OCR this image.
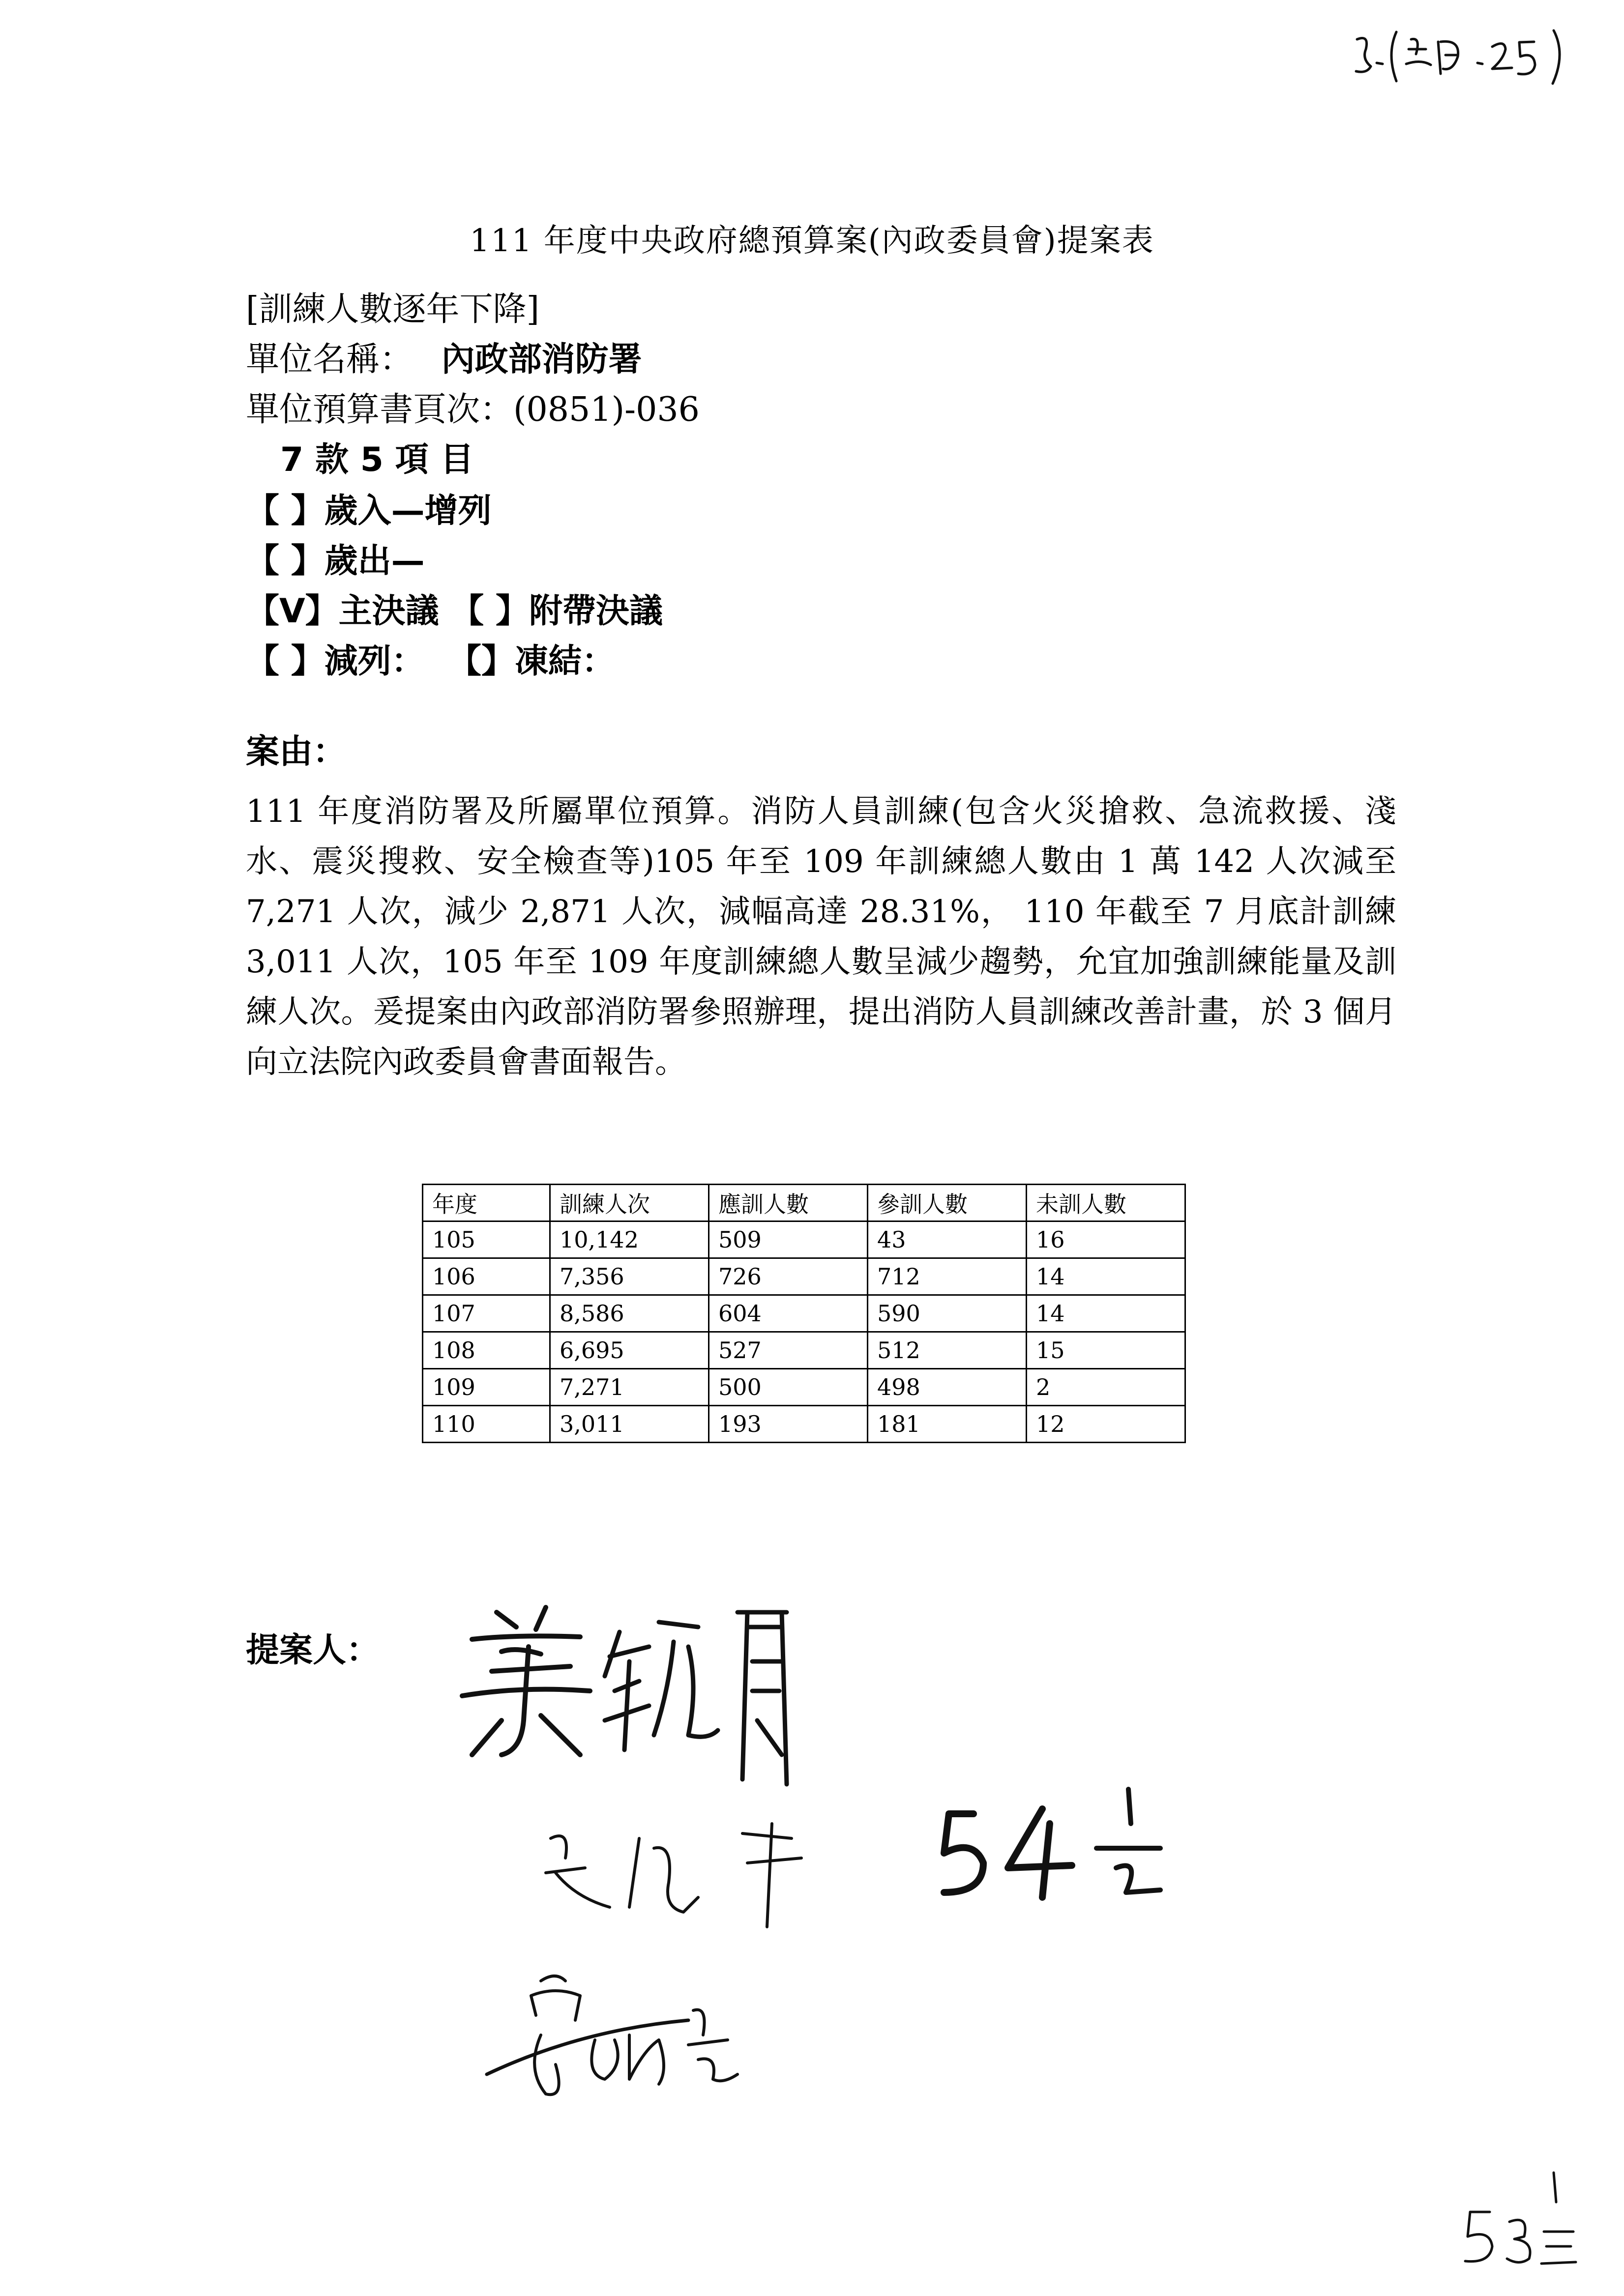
111 年度中央政府總預算案(內政委員會)提案表
[訓練人數逐年下降]
單位名稱： 內政部消防署
單位預算書頁次：(0851)-036
7 款 5 項 目
【 】歲入—增列
【 】歲出—
【V】主決議 【 】附帶決議
【 】減列：  【】凍結：
案由：
111 年度消防署及所屬單位預算。消防人員訓練(包含火災搶救、急流救援、淺水、震災搜救、安全檢查等)105 年至 109 年訓練總人數由 1 萬 142 人次減至 7,271 人次，減少 2,871 人次，減幅高達 28.31%， 110 年截至 7 月底計訓練 3,011 人次，105 年至 109 年度訓練總人數呈減少趨勢，允宜加強訓練能量及訓練人次。爰提案由內政部消防署參照辦理，提出消防人員訓練改善計畫，於 3 個月向立法院內政委員會書面報告。
年度	訓練人次	應訓人數	參訓人數	未訓人數
105	10,142	509	43	16
106	7,356	726	712	14
107	8,586	604	590	14
108	6,695	527	512	15
109	7,271	500	498	2
110	3,011	193	181	12
提案人：
